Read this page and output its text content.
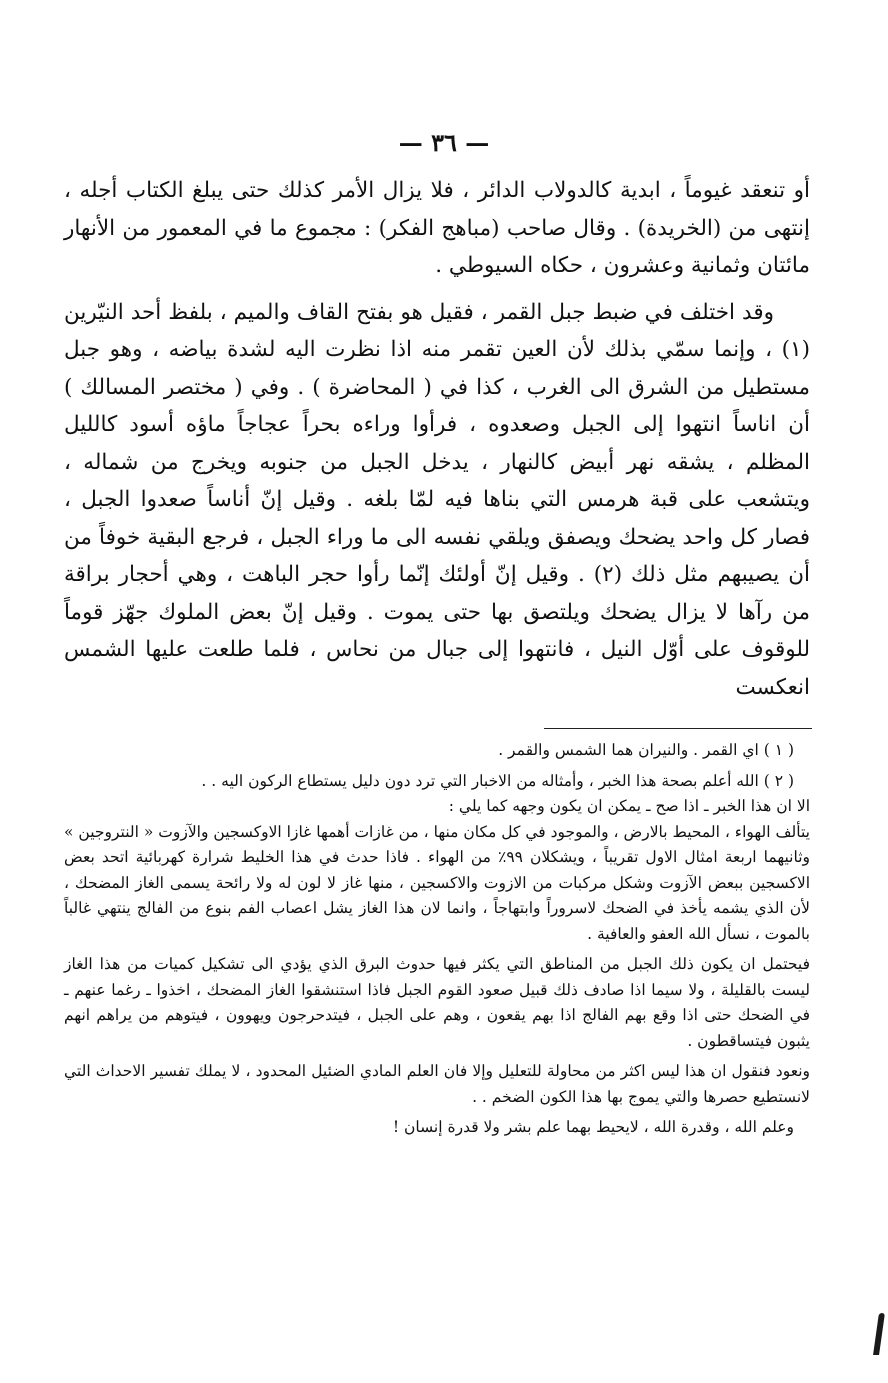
— ٣٦ —

أو تنعقد غيوماً ، ابدية كالدولاب الدائر ، فلا يزال الأمر كذلك حتى يبلغ الكتاب أجله ، إنتهى من (الخريدة) . وقال صاحب (مباهج الفكر) : مجموع ما في المعمور من الأنهار مائتان وثمانية وعشرون ، حكاه السيوطي .

وقد اختلف في ضبط جبل القمر ، فقيل هو بفتح القاف والميم ، بلفظ أحد النيّرين (١) ، وإنما سمّي بذلك لأن العين تقمر منه اذا نظرت اليه لشدة بياضه ، وهو جبل مستطيل من الشرق الى الغرب ، كذا في ( المحاضرة ) . وفي ( مختصر المسالك ) أن اناساً انتهوا إلى الجبل وصعدوه ، فرأوا وراءه بحراً عجاجاً ماؤه أسود كالليل المظلم ، يشقه نهر أبيض كالنهار ، يدخل الجبل من جنوبه ويخرج من شماله ، ويتشعب على قبة هرمس التي بناها فيه لمّا بلغه . وقيل إنّ أناساً صعدوا الجبل ، فصار كل واحد يضحك ويصفق ويلقي نفسه الى ما وراء الجبل ، فرجع البقية خوفاً من أن يصيبهم مثل ذلك (٢) . وقيل إنّ أولئك إنّما رأوا حجر الباهت ، وهي أحجار براقة من رآها لا يزال يضحك ويلتصق بها حتى يموت . وقيل إنّ بعض الملوك جهّز قوماً للوقوف على أوّل النيل ، فانتهوا إلى جبال من نحاس ، فلما طلعت عليها الشمس انعكست

( ١ ) اي القمر . والنيران هما الشمس والقمر .

( ٢ ) الله أعلم بصحة هذا الخبر ، وأمثاله من الاخبار التي ترد دون دليل يستطاع الركون اليه . .

الا ان هذا الخبر ـ اذا صح ـ يمكن ان يكون وجهه كما يلي :

يتألف الهواء ، المحيط بالارض ، والموجود في كل مكان منها ، من غازات أهمها غازا الاوكسجين والآزوت « النتروجين » وثانيهما اربعة امثال الاول تقريباً ، ويشكلان ٩٩٪ من الهواء . فاذا حدث في هذا الخليط شرارة كهربائية اتحد بعض الاكسجين ببعض الآزوت وشكل مركبات من الازوت والاكسجين ، منها غاز لا لون له ولا رائحة يسمى الغاز المضحك ، لأن الذي يشمه يأخذ في الضحك لاسروراً وابتهاجاً ، وانما لان هذا الغاز يشل اعصاب الفم بنوع من الفالج ينتهي غالباً بالموت ، نسأل الله العفو والعافية .

فيحتمل ان يكون ذلك الجبل من المناطق التي يكثر فيها حدوث البرق الذي يؤدي الى تشكيل كميات من هذا الغاز ليست بالقليلة ، ولا سيما اذا صادف ذلك قبيل صعود القوم الجبل فاذا استنشقوا الغاز المضحك ، اخذوا ـ رغما عنهم ـ في الضحك حتى اذا وقع بهم الفالج اذا بهم يقعون ، وهم على الجبل ، فيتدحرجون ويهوون ، فيتوهم من يراهم انهم يثبون فيتساقطون .

ونعود فنقول ان هذا ليس اكثر من محاولة للتعليل وإلا فان العلم المادي الضئيل المحدود ، لا يملك تفسير الاحداث التي لانستطيع حصرها والتي يموج بها هذا الكون الضخم . .

وعلم الله ، وقدرة الله ، لايحيط بهما علم بشر ولا قدرة إنسان !
